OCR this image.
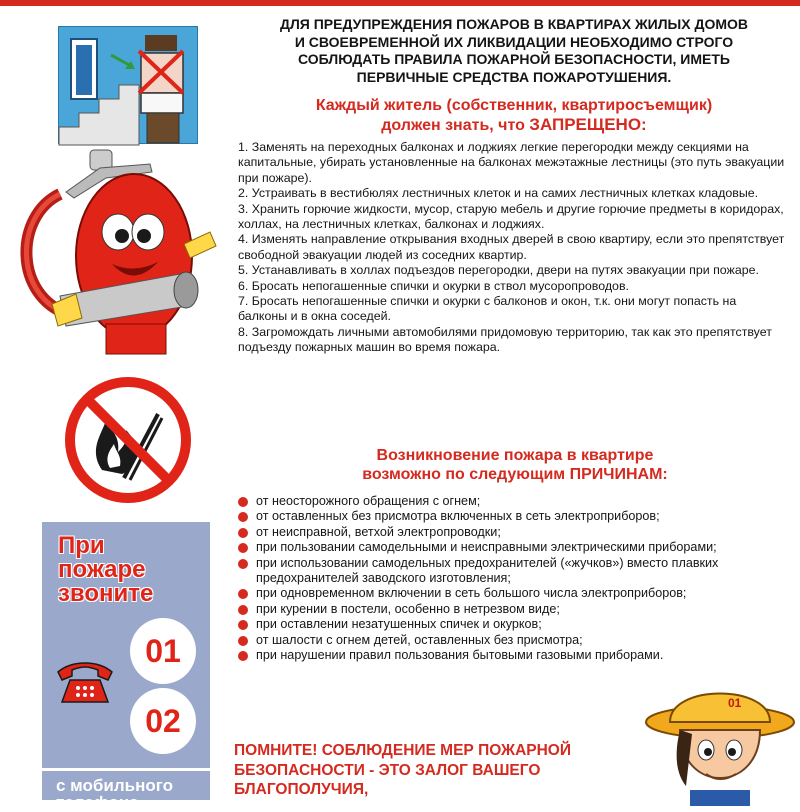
При
пожаре
звоните
01
02
с мобильного
телефона
ДЛЯ ПРЕДУПРЕЖДЕНИЯ ПОЖАРОВ В КВАРТИРАХ ЖИЛЫХ ДОМОВ
И СВОЕВРЕМЕННОЙ ИХ ЛИКВИДАЦИИ НЕОБХОДИМО СТРОГО
СОБЛЮДАТЬ ПРАВИЛА ПОЖАРНОЙ БЕЗОПАСНОСТИ, ИМЕТЬ
ПЕРВИЧНЫЕ СРЕДСТВА ПОЖАРОТУШЕНИЯ.
Каждый житель (собственник, квартиросъемщик)
должен знать, что ЗАПРЕЩЕНО:
1. Заменять на переходных балконах и лоджиях легкие перегородки между секциями на капитальные, убирать установленные на балконах межэтажные лестницы (это путь эвакуации при пожаре).
2. Устраивать в вестибюлях лестничных клеток и на самих лестничных клетках кладовые.
3. Хранить горючие жидкости, мусор, старую мебель и другие горючие предметы в коридорах, холлах, на лестничных клетках, балконах и лоджиях.
4. Изменять направление открывания входных дверей в свою квартиру, если это препятствует свободной эвакуации людей из соседних квартир.
5. Устанавливать в холлах подъездов перегородки, двери на путях эвакуации при пожаре.
6. Бросать непогашенные спички и окурки в ствол мусоропроводов.
7. Бросать непогашенные спички и окурки с балконов и окон, т.к. они могут попасть на балконы и в окна соседей.
8. Загромождать личными автомобилями придомовую территорию, так как это препятствует подъезду пожарных машин во время пожара.
Возникновение пожара в квартире
возможно по следующим ПРИЧИНАМ:
от неосторожного обращения с огнем;
от оставленных без присмотра включенных в сеть электроприборов;
от неисправной, ветхой электропроводки;
при пользовании самодельными и неисправными электрическими приборами;
при использовании самодельных предохранителей («жучков») вместо плавких предохранителей заводского изготовления;
при одновременном включении в сеть большого числа электроприборов;
при курении в постели, особенно в нетрезвом виде;
при оставлении незатушенных спичек и окурков;
от шалости с огнем детей, оставленных без присмотра;
при нарушении правил пользования бытовыми газовыми приборами.
ПОМНИТЕ! СОБЛЮДЕНИЕ МЕР ПОЖАРНОЙ
БЕЗОПАСНОСТИ - ЭТО ЗАЛОГ ВАШЕГО
БЛАГОПОЛУЧИЯ,
01
